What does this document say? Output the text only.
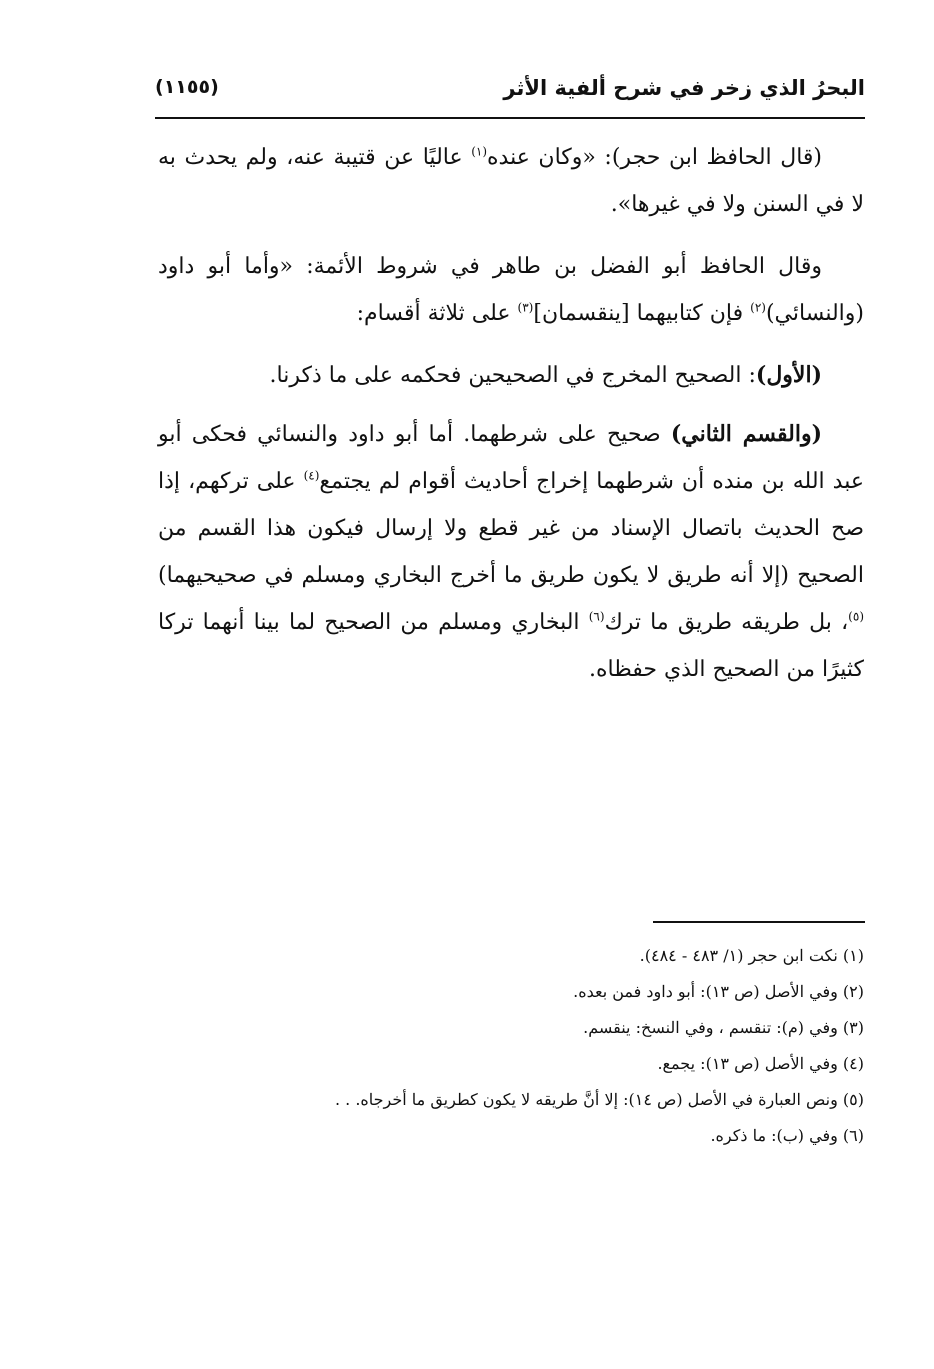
البحرُ الذي زخر في شرح ألفية الأثر
(١١٥٥)

(قال الحافظ ابن حجر): «وكان عنده$^{(١)}$ عاليًا عن قتيبة عنه، ولم يحدث به لا في السنن ولا في غيرها».

وقال الحافظ أبو الفضل بن طاهر في شروط الأئمة: «وأما أبو داود (والنسائي)$^{(٢)}$ فإن كتابيهما [ينقسمان]$^{(٣)}$ على ثلاثة أقسام:

(الأول): الصحيح المخرج في الصحيحين فحكمه على ما ذكرنا.

(والقسم الثاني) صحيح على شرطهما. أما أبو داود والنسائي فحكى أبو عبد الله بن منده أن شرطهما إخراج أحاديث أقوام لم يجتمع$^{(٤)}$ على تركهم، إذا صح الحديث باتصال الإسناد من غير قطع ولا إرسال فيكون هذا القسم من الصحيح (إلا أنه طريق لا يكون طريق ما أخرج البخاري ومسلم في صحيحيهما)$^{(٥)}$، بل طريقه طريق ما ترك$^{(٦)}$ البخاري ومسلم من الصحيح لما بينا أنهما تركا كثيرًا من الصحيح الذي حفظاه.

(١) نكت ابن حجر (١/ ٤٨٣ - ٤٨٤).
(٢) وفي الأصل (ص ١٣): أبو داود فمن بعده.
(٣) وفي (م): تنقسم ، وفي النسخ: ينقسم.
(٤) وفي الأصل (ص ١٣): يجمع.
(٥) ونص العبارة في الأصل (ص ١٤): إلا أنَّ طريقه لا يكون كطريق ما أخرجاه. . .
(٦) وفي (ب): ما ذكره.
